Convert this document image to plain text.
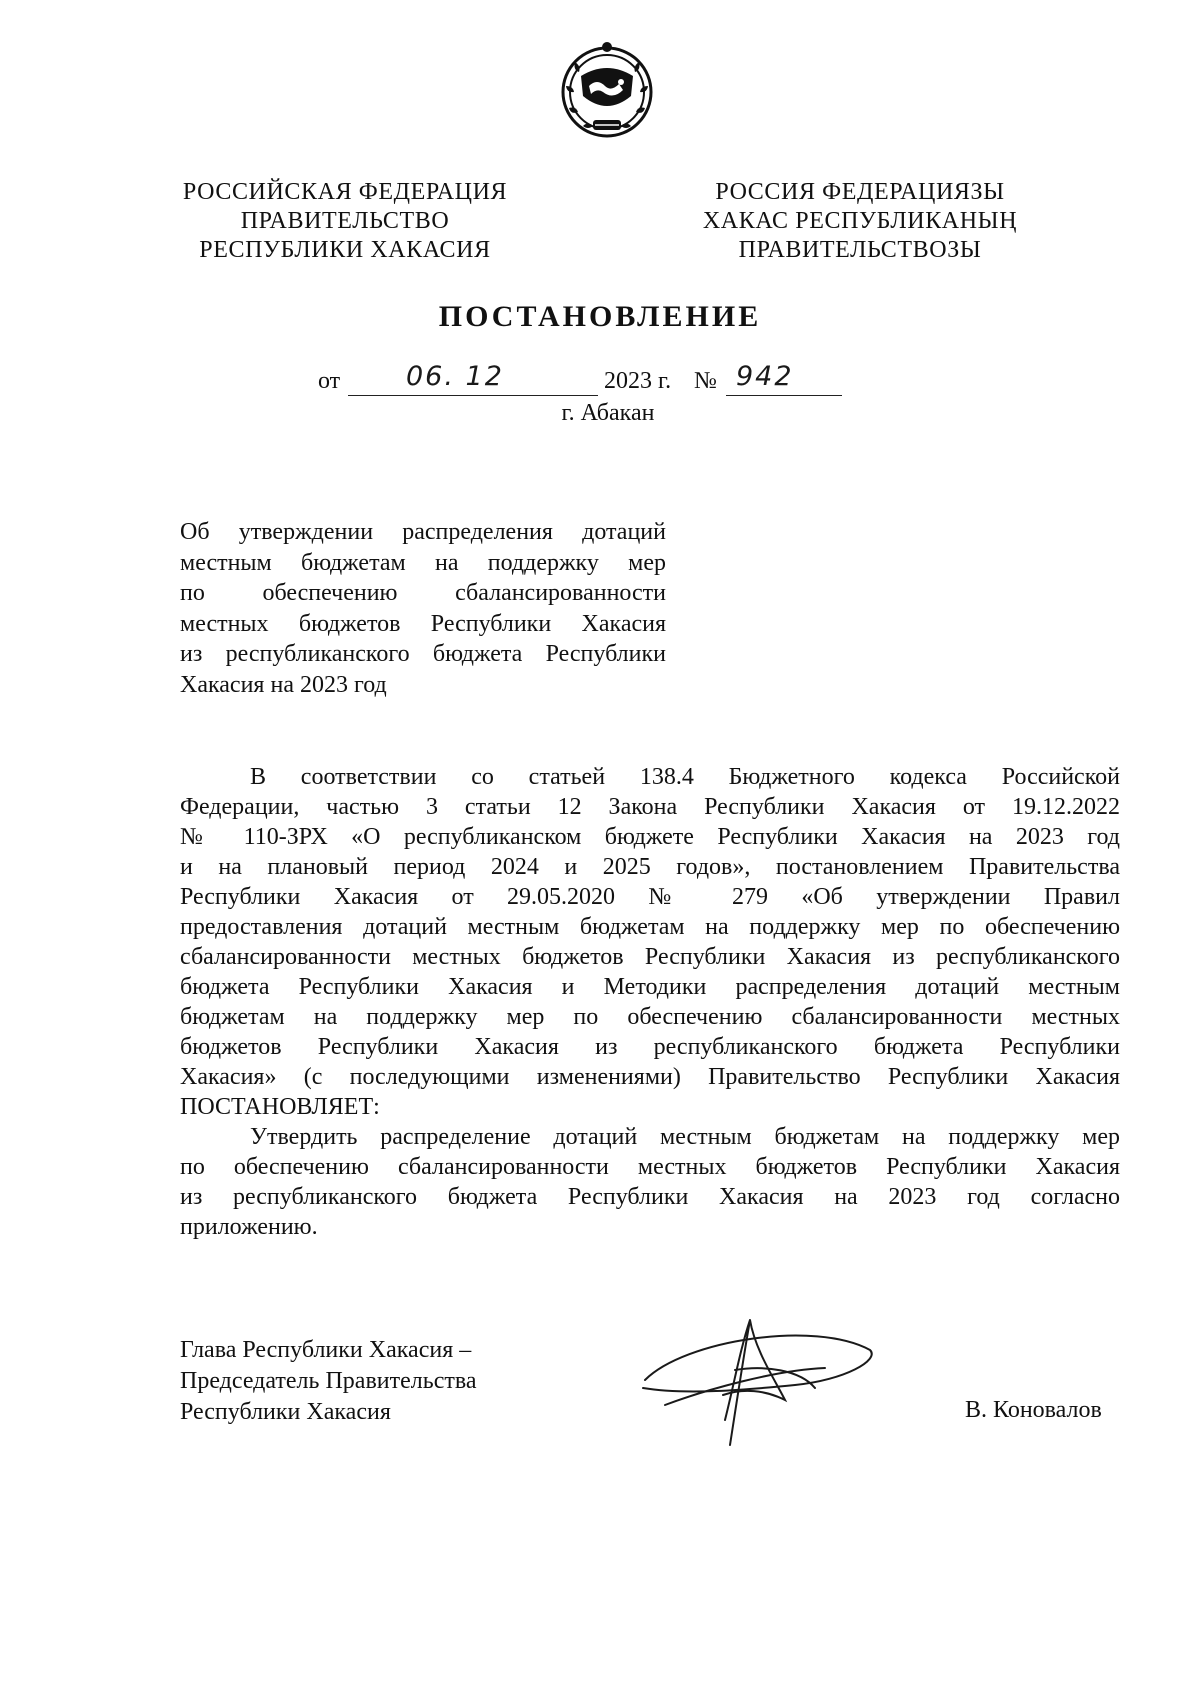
РОССИЙСКАЯ ФЕДЕРАЦИЯ
ПРАВИТЕЛЬСТВО
РЕСПУБЛИКИ ХАКАСИЯ
РОССИЯ ФЕДЕРАЦИЯЗЫ
ХАКАС РЕСПУБЛИКАНЫҢ
ПРАВИТЕЛЬСТВОЗЫ
ПОСТАНОВЛЕНИЕ
от 06. 12	2023 г. № 942
г. Абакан
Об утверждении распределения дотаций
местным бюджетам на поддержку мер
по обеспечению сбалансированности
местных бюджетов Республики Хакасия
из республиканского бюджета Республики
Хакасия на 2023 год
В соответствии со статьей 138.4 Бюджетного кодекса Российской
Федерации, частью 3 статьи 12 Закона Республики Хакасия от 19.12.2022
№ 110-ЗРХ «О республиканском бюджете Республики Хакасия на 2023 год
и на плановый период 2024 и 2025 годов», постановлением Правительства
Республики Хакасия от 29.05.2020 № 279 «Об утверждении Правил
предоставления дотаций местным бюджетам на поддержку мер по обеспечению
сбалансированности местных бюджетов Республики Хакасия из республиканского
бюджета Республики Хакасия и Методики распределения дотаций местным
бюджетам на поддержку мер по обеспечению сбалансированности местных
бюджетов Республики Хакасия из республиканского бюджета Республики
Хакасия» (с последующими изменениями) Правительство Республики Хакасия
ПОСТАНОВЛЯЕТ:
Утвердить распределение дотаций местным бюджетам на поддержку мер
по обеспечению сбалансированности местных бюджетов Республики Хакасия
из республиканского бюджета Республики Хакасия на 2023 год согласно
приложению.
Глава Республики Хакасия –
Председатель Правительства
Республики Хакасия	В. Коновалов
